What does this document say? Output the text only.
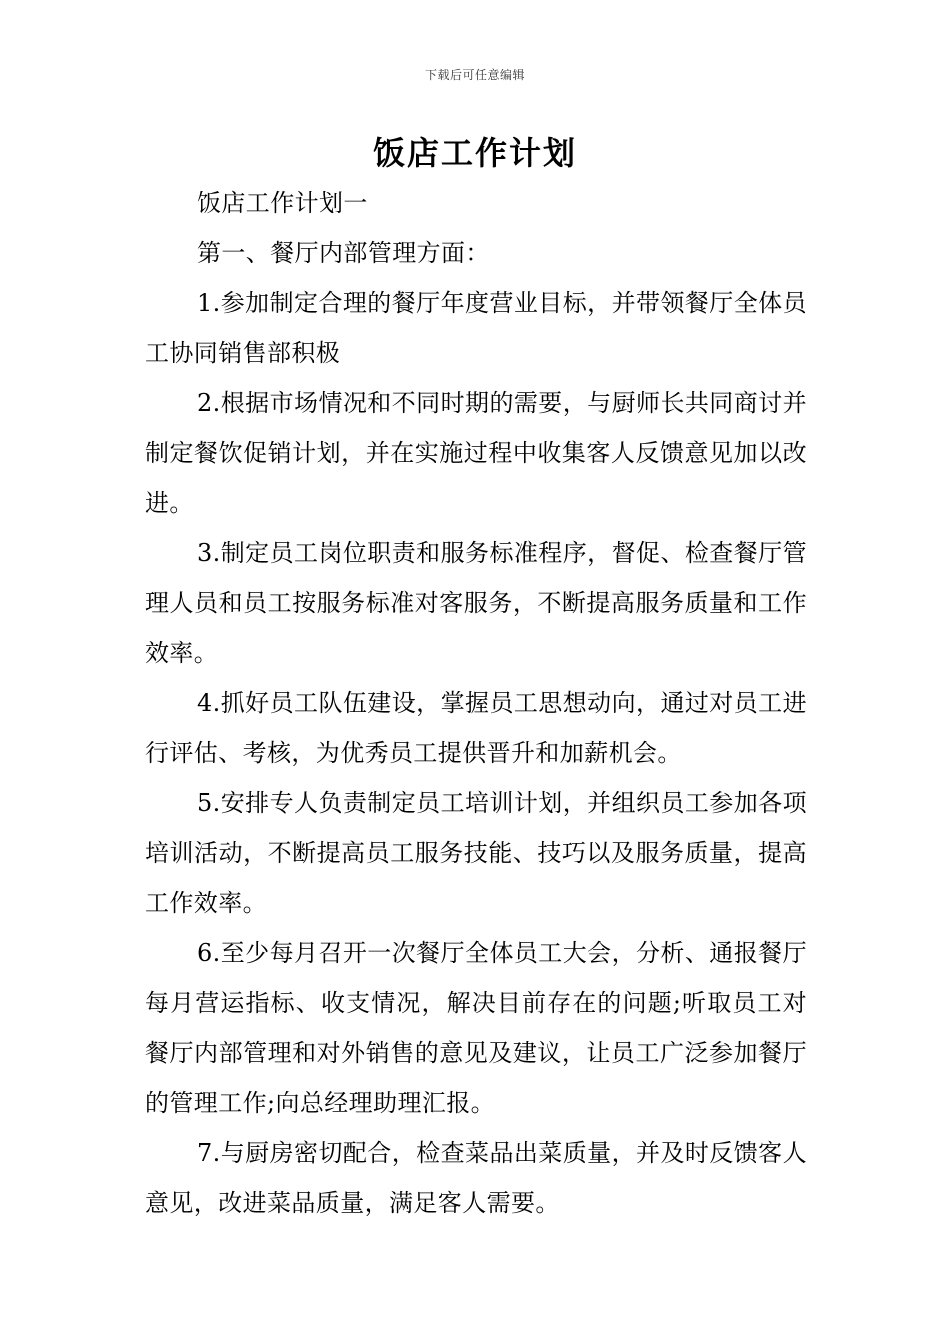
下载后可任意编辑
饭店工作计划

饭店工作计划一

第一、餐厅内部管理方面：

1.参加制定合理的餐厅年度营业目标，并带领餐厅全体员工协同销售部积极

2.根据市场情况和不同时期的需要，与厨师长共同商讨并制定餐饮促销计划，并在实施过程中收集客人反馈意见加以改进。

3.制定员工岗位职责和服务标准程序，督促、检查餐厅管理人员和员工按服务标准对客服务，不断提高服务质量和工作效率。

4.抓好员工队伍建设，掌握员工思想动向，通过对员工进行评估、考核，为优秀员工提供晋升和加薪机会。

5.安排专人负责制定员工培训计划，并组织员工参加各项培训活动，不断提高员工服务技能、技巧以及服务质量，提高工作效率。

6.至少每月召开一次餐厅全体员工大会，分析、通报餐厅每月营运指标、收支情况，解决目前存在的问题;听取员工对餐厅内部管理和对外销售的意见及建议，让员工广泛参加餐厅的管理工作;向总经理助理汇报。

7.与厨房密切配合，检查菜品出菜质量，并及时反馈客人意见，改进菜品质量，满足客人需要。
